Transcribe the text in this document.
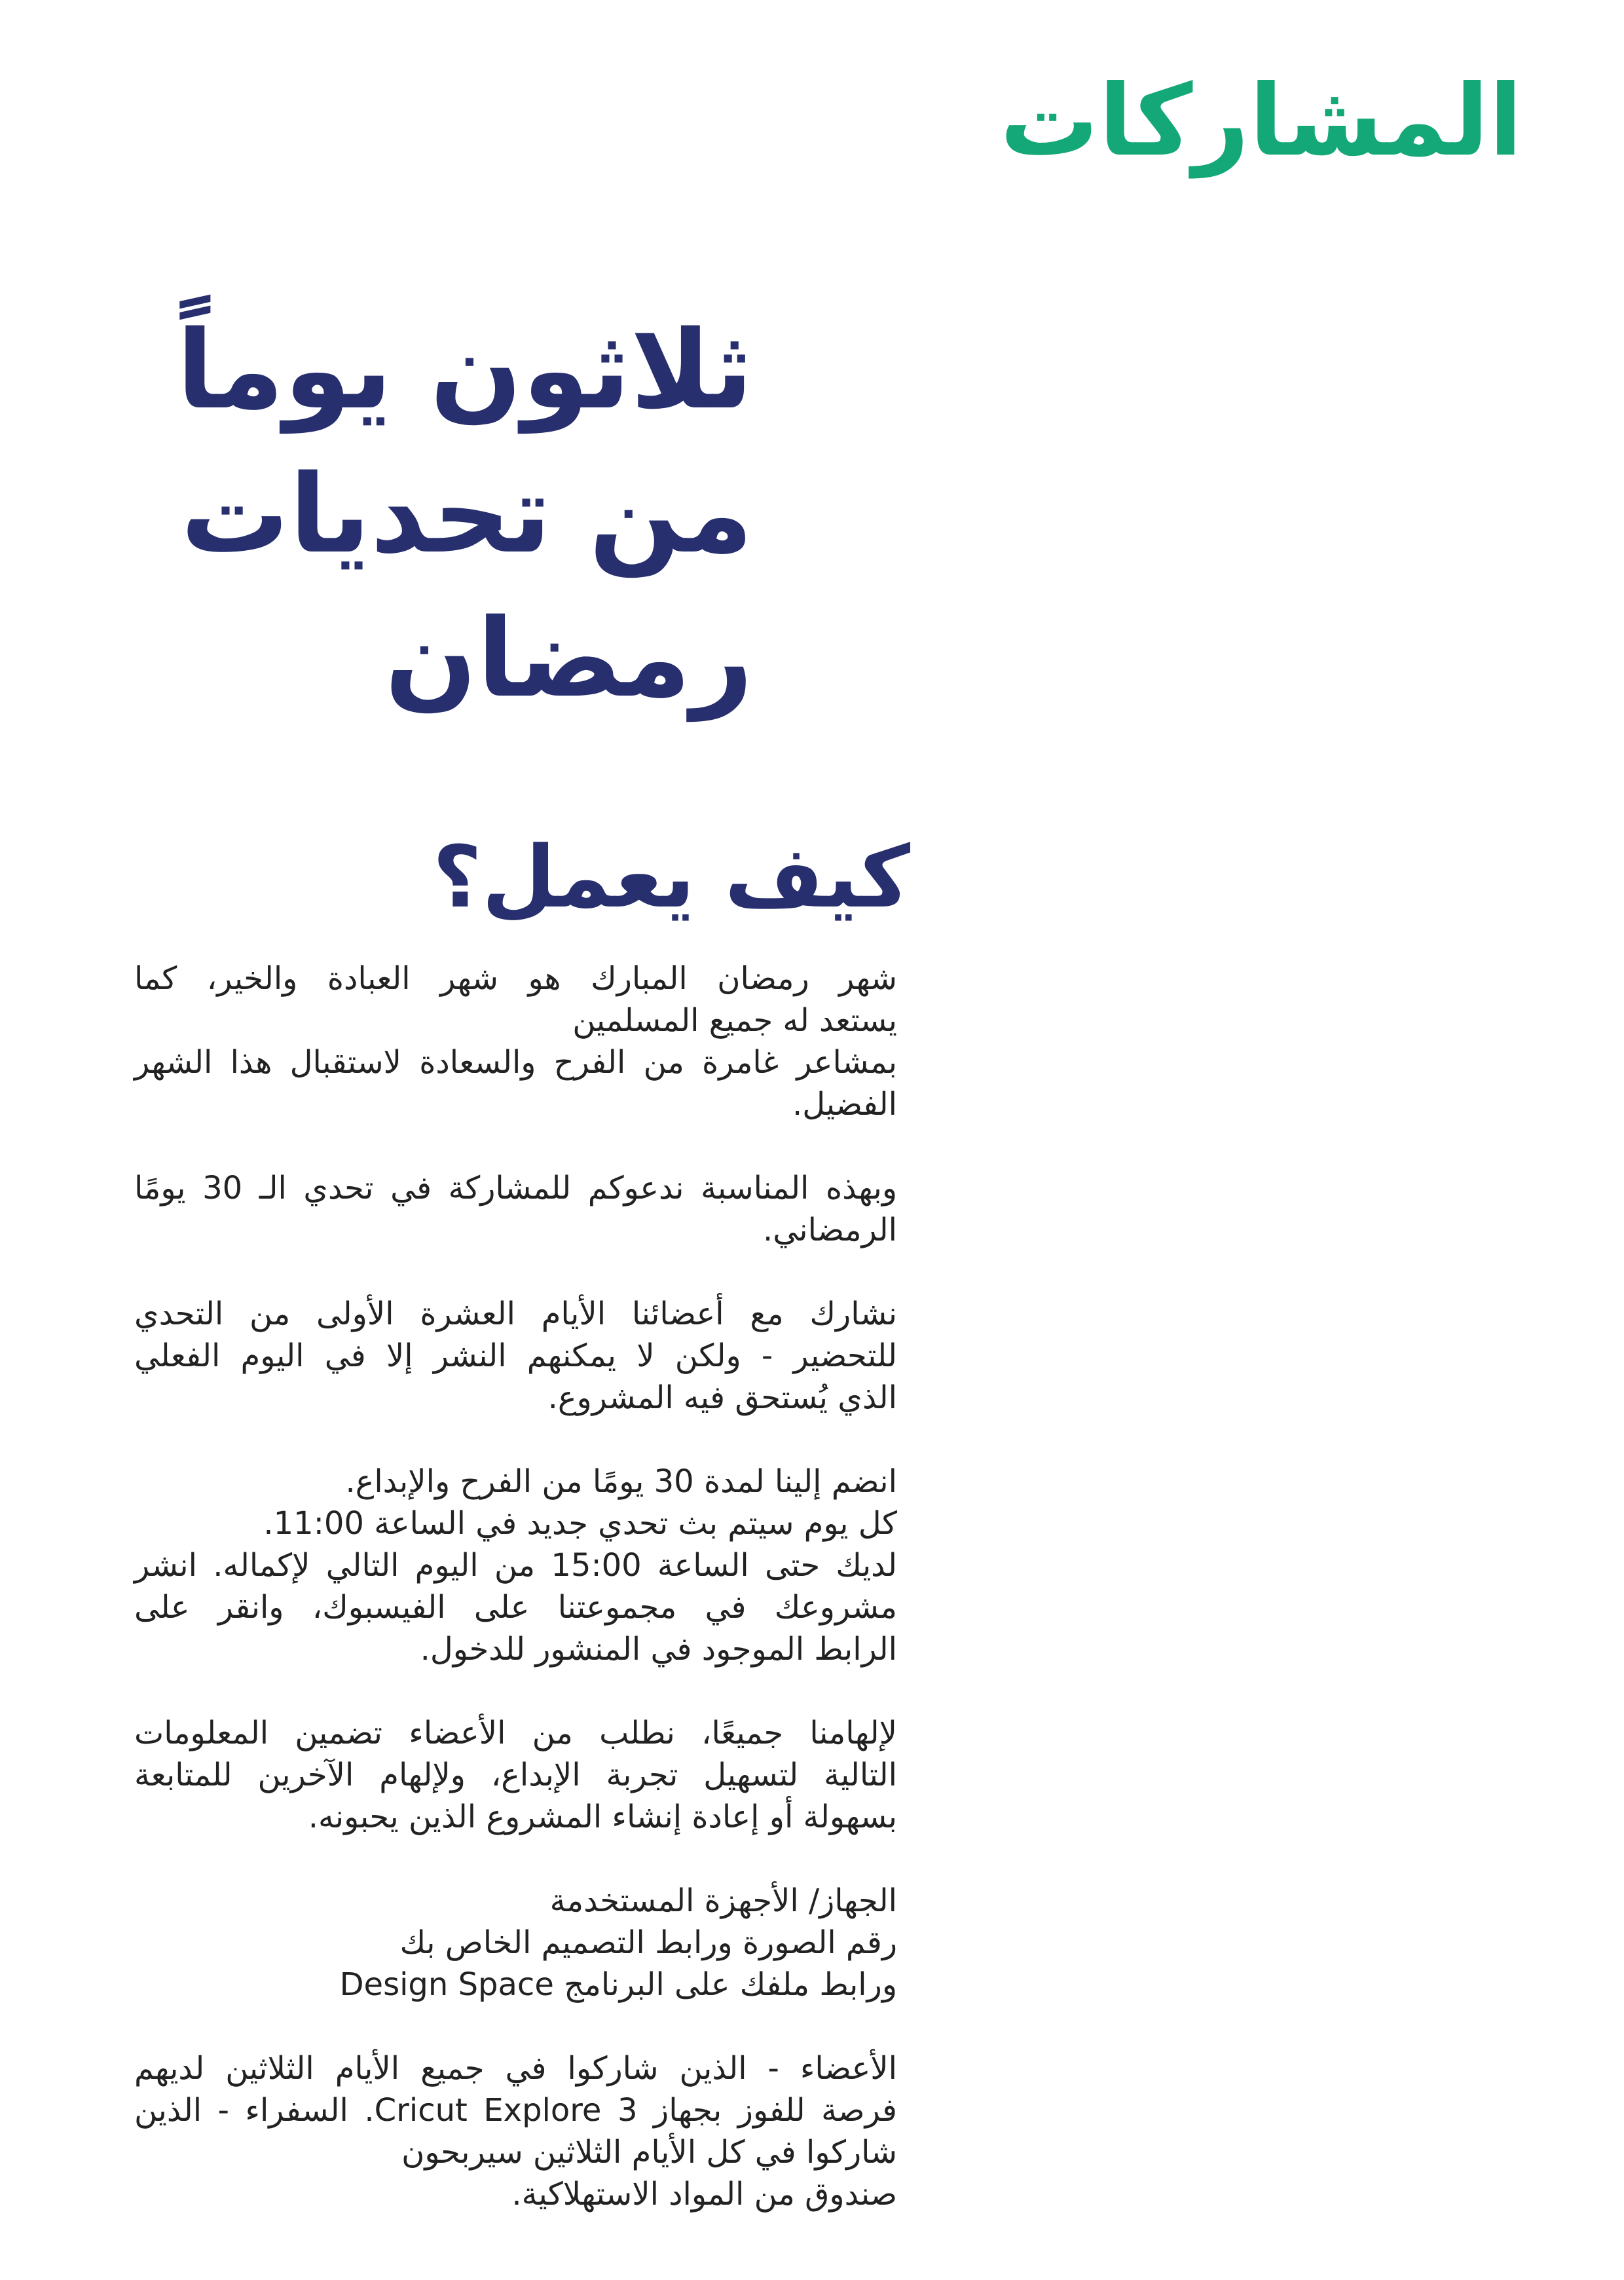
المشاركات
ثلاثون يوماً
من تحديات
رمضان
كيف يعمل؟

شهر رمضان المبارك هو شهر العبادة والخير، كما
يستعد له جميع المسلمين
بمشاعر غامرة من الفرح والسعادة لاستقبال هذا الشهر
الفضيل.

وبهذه المناسبة ندعوكم للمشاركة في تحدي الـ 30 يومًا
الرمضاني.

نشارك مع أعضائنا الأيام العشرة الأولى من التحدي
للتحضير - ولكن لا يمكنهم النشر إلا في اليوم الفعلي
الذي يُستحق فيه المشروع.

انضم إلينا لمدة 30 يومًا من الفرح والإبداع.
كل يوم سيتم بث تحدي جديد في الساعة 11:00.
لديك حتى الساعة 15:00 من اليوم التالي لإكماله. انشر
مشروعك في مجموعتنا على الفيسبوك، وانقر على
الرابط الموجود في المنشور للدخول.

لإلهامنا جميعًا، نطلب من الأعضاء تضمين المعلومات
التالية لتسهيل تجربة الإبداع، ولإلهام الآخرين للمتابعة
بسهولة أو إعادة إنشاء المشروع الذين يحبونه.

الجهاز/ الأجهزة المستخدمة
رقم الصورة ورابط التصميم الخاص بك
ورابط ملفك على البرنامج Design Space

الأعضاء - الذين شاركوا في جميع الأيام الثلاثين لديهم
فرصة للفوز بجهاز Cricut Explore 3. السفراء - الذين
شاركوا في كل الأيام الثلاثين سيربحون
صندوق من المواد الاستهلاكية.
